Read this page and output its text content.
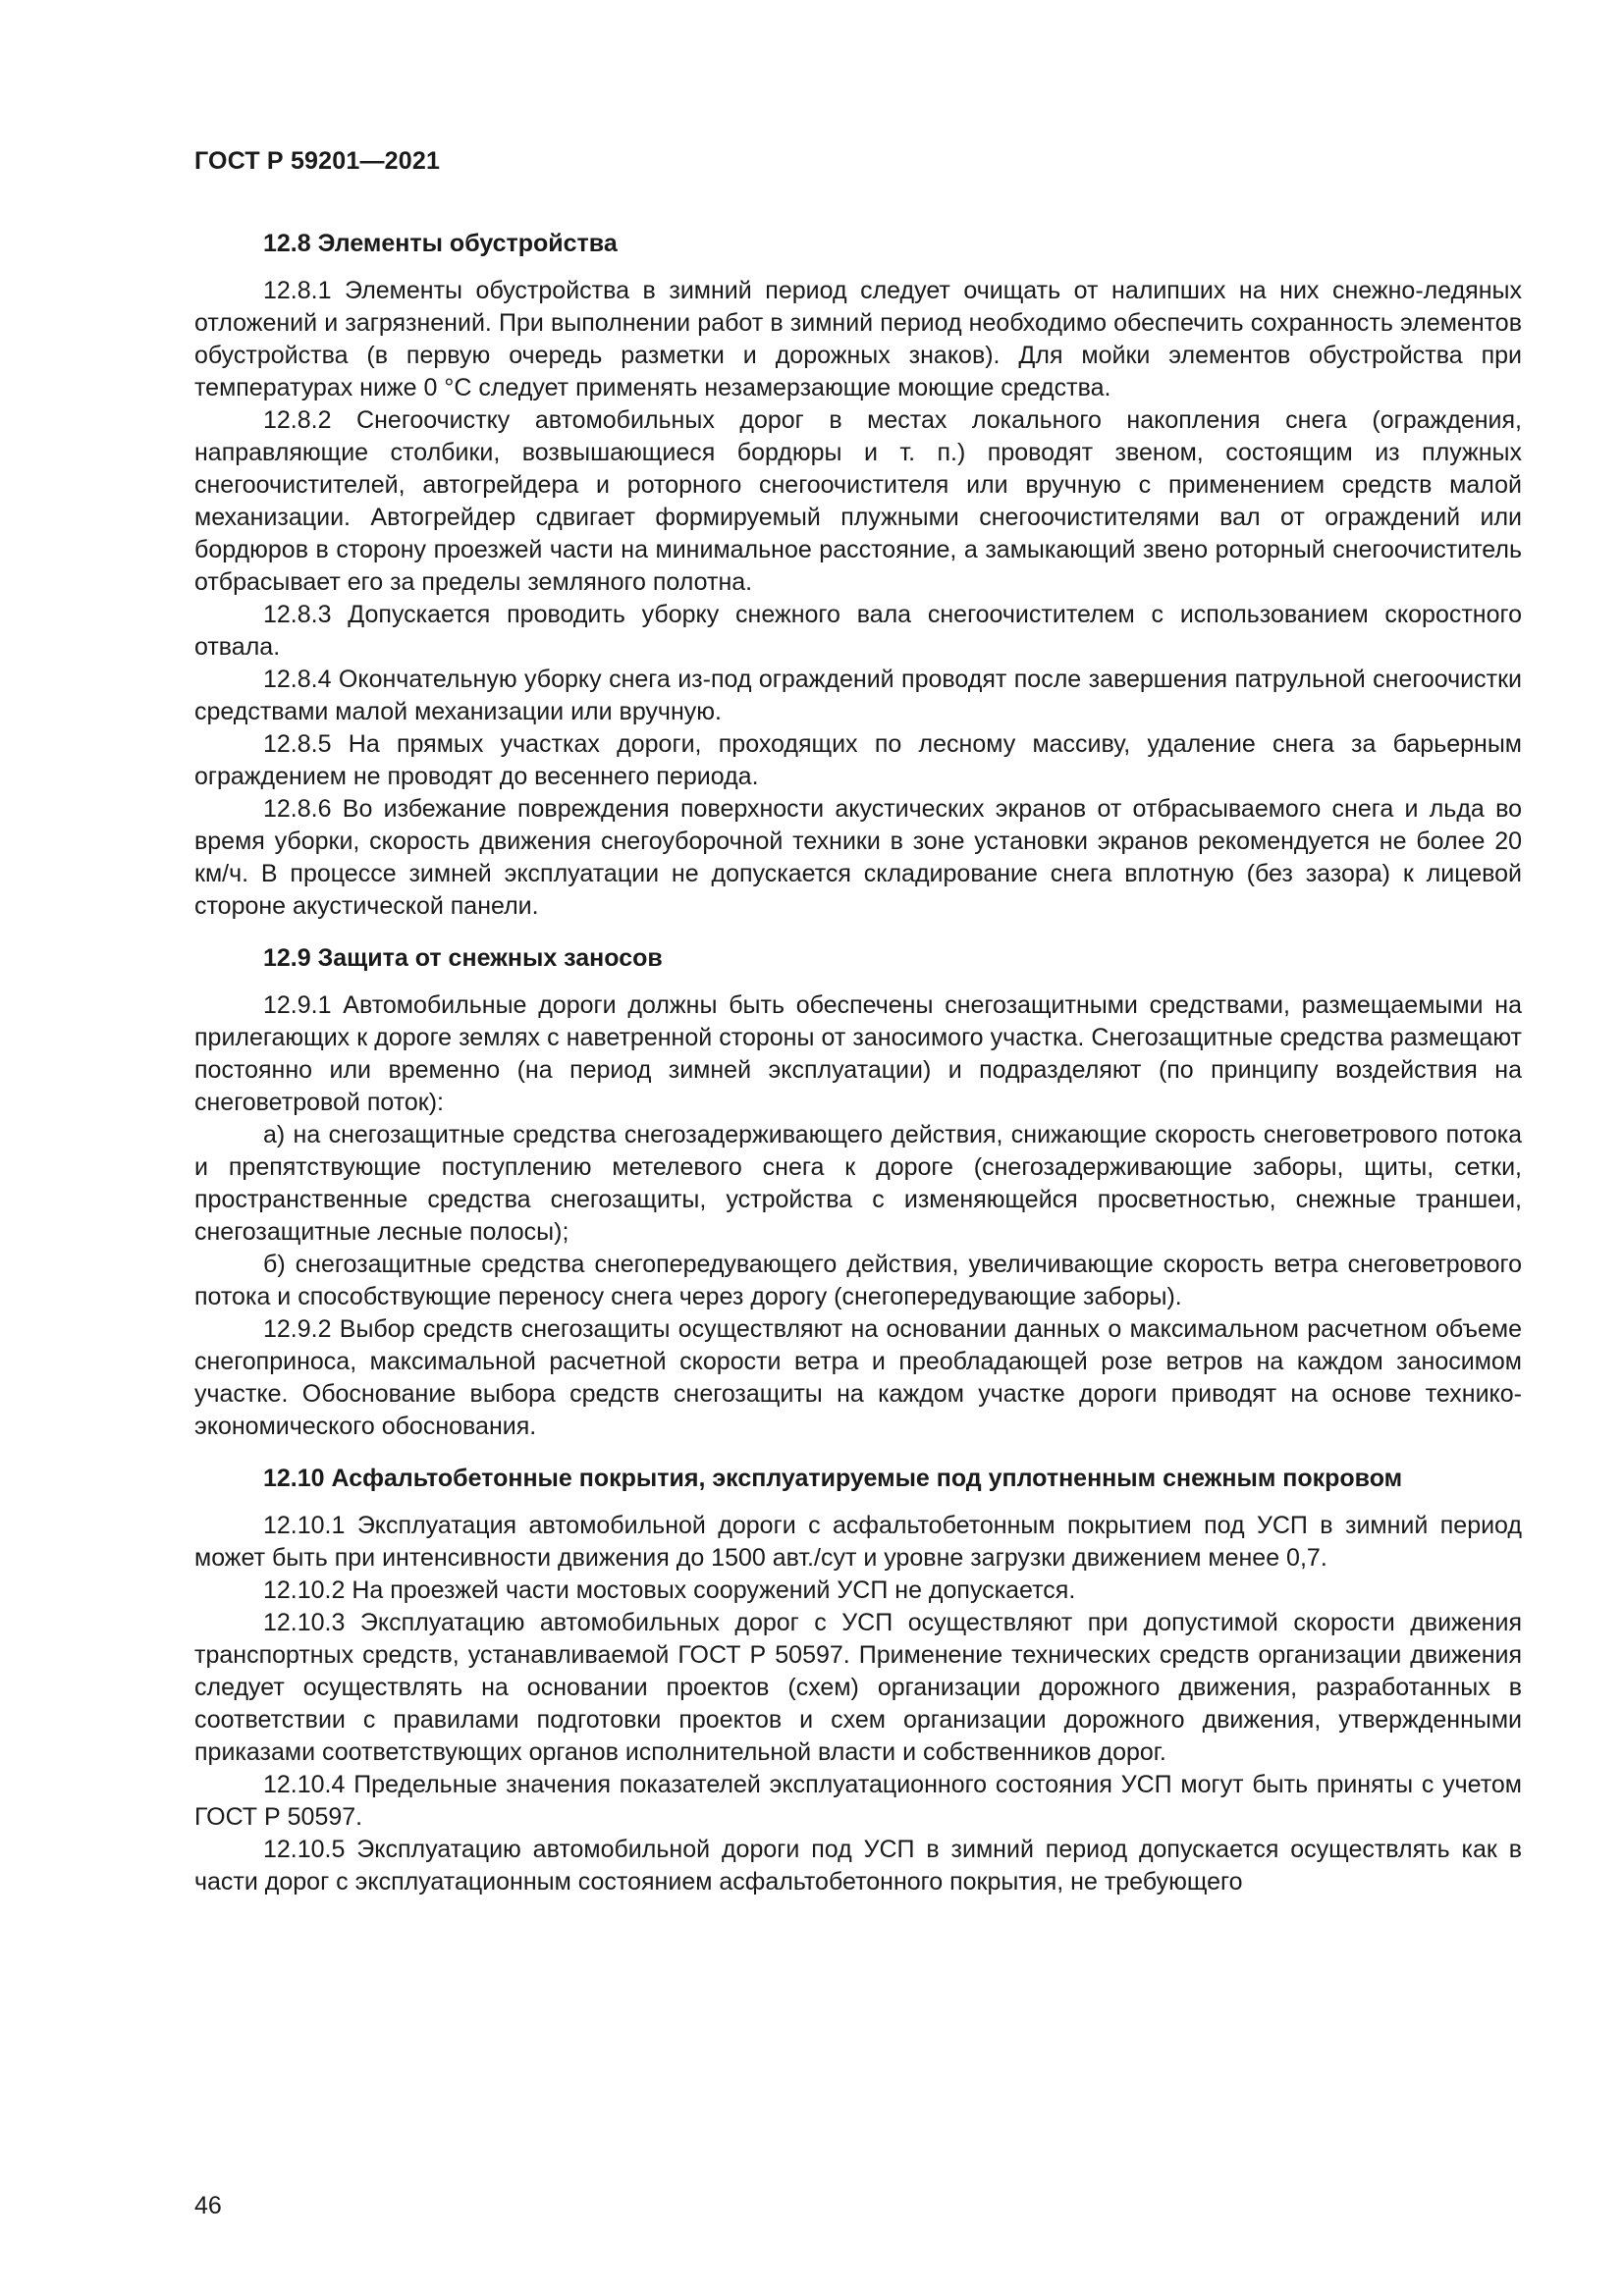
ГОСТ Р 59201—2021
12.8 Элементы обустройства

12.8.1 Элементы обустройства в зимний период следует очищать от налипших на них снежно-ледяных отложений и загрязнений. При выполнении работ в зимний период необходимо обеспечить сохранность элементов обустройства (в первую очередь разметки и дорожных знаков). Для мойки элементов обустройства при температурах ниже 0 °С следует применять незамерзающие моющие средства.

12.8.2 Снегоочистку автомобильных дорог в местах локального накопления снега (ограждения, направляющие столбики, возвышающиеся бордюры и т. п.) проводят звеном, состоящим из плужных снегоочистителей, автогрейдера и роторного снегоочистителя или вручную с применением средств малой механизации. Автогрейдер сдвигает формируемый плужными снегоочистителями вал от ограждений или бордюров в сторону проезжей части на минимальное расстояние, а замыкающий звено роторный снегоочиститель отбрасывает его за пределы земляного полотна.

12.8.3 Допускается проводить уборку снежного вала снегоочистителем с использованием скоростного отвала.

12.8.4 Окончательную уборку снега из-под ограждений проводят после завершения патрульной снегоочистки средствами малой механизации или вручную.

12.8.5 На прямых участках дороги, проходящих по лесному массиву, удаление снега за барьерным ограждением не проводят до весеннего периода.

12.8.6 Во избежание повреждения поверхности акустических экранов от отбрасываемого снега и льда во время уборки, скорость движения снегоуборочной техники в зоне установки экранов рекомендуется не более 20 км/ч. В процессе зимней эксплуатации не допускается складирование снега вплотную (без зазора) к лицевой стороне акустической панели.

12.9 Защита от снежных заносов

12.9.1 Автомобильные дороги должны быть обеспечены снегозащитными средствами, размещаемыми на прилегающих к дороге землях с наветренной стороны от заносимого участка. Снегозащитные средства размещают постоянно или временно (на период зимней эксплуатации) и подразделяют (по принципу воздействия на снеговетровой поток):

а) на снегозащитные средства снегозадерживающего действия, снижающие скорость снеговетрового потока и препятствующие поступлению метелевого снега к дороге (снегозадерживающие заборы, щиты, сетки, пространственные средства снегозащиты, устройства с изменяющейся просветностью, снежные траншеи, снегозащитные лесные полосы);

б) снегозащитные средства снегопередувающего действия, увеличивающие скорость ветра снеговетрового потока и способствующие переносу снега через дорогу (снегопередувающие заборы).

12.9.2 Выбор средств снегозащиты осуществляют на основании данных о максимальном расчетном объеме снегоприноса, максимальной расчетной скорости ветра и преобладающей розе ветров на каждом заносимом участке. Обоснование выбора средств снегозащиты на каждом участке дороги приводят на основе технико-экономического обоснования.

12.10 Асфальтобетонные покрытия, эксплуатируемые под уплотненным снежным покровом

12.10.1 Эксплуатация автомобильной дороги с асфальтобетонным покрытием под УСП в зимний период может быть при интенсивности движения до 1500 авт./сут и уровне загрузки движением менее 0,7.

12.10.2 На проезжей части мостовых сооружений УСП не допускается.

12.10.3 Эксплуатацию автомобильных дорог с УСП осуществляют при допустимой скорости движения транспортных средств, устанавливаемой ГОСТ Р 50597. Применение технических средств организации движения следует осуществлять на основании проектов (схем) организации дорожного движения, разработанных в соответствии с правилами подготовки проектов и схем организации дорожного движения, утвержденными приказами соответствующих органов исполнительной власти и собственников дорог.

12.10.4 Предельные значения показателей эксплуатационного состояния УСП могут быть приняты с учетом ГОСТ Р 50597.

12.10.5 Эксплуатацию автомобильной дороги под УСП в зимний период допускается осуществлять как в части дорог с эксплуатационным состоянием асфальтобетонного покрытия, не требующего

46
